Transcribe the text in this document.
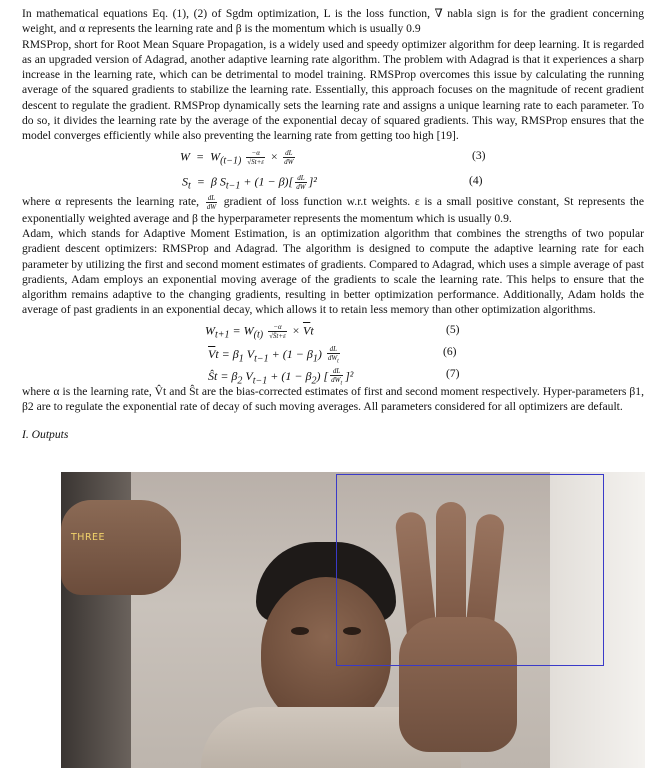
In mathematical equations Eq. (1), (2) of Sgdm optimization, L is the loss function, ∇ nabla sign is for the gradient concerning weight, and α represents the learning rate and β is the momentum which is usually 0.9

RMSProp, short for Root Mean Square Propagation, is a widely used and speedy optimizer algorithm for deep learning. It is regarded as an upgraded version of Adagrad, another adaptive learning rate algorithm. The problem with Adagrad is that it experiences a sharp increase in the learning rate, which can be detrimental to model training. RMSProp overcomes this issue by calculating the running average of the squared gradients to stabilize the learning rate. Essentially, this approach focuses on the magnitude of recent gradient descent to regulate the gradient. RMSProp dynamically sets the learning rate and assigns a unique learning rate to each parameter. To do so, it divides the learning rate by the average of the exponential decay of squared gradients. This way, RMSProp ensures that the model converges efficiently while also preventing the learning rate from getting too high [19].

$W = W_{(t-1)} \frac{-\alpha}{√St+\varepsilon} \times \frac{dL}{dW}$	(3)
$S_t = \beta$ $S_{t-1} + (1 - \beta)[ \frac{dL}{dW} ]^2$	(4)

where α represents the learning rate, $\frac{dL}{dW}$ gradient of loss function w.r.t weights. ε is a small positive constant, St represents the exponentially weighted average and β the hyperparameter represents the momentum which is usually 0.9.

Adam, which stands for Adaptive Moment Estimation, is an optimization algorithm that combines the strengths of two popular gradient descent optimizers: RMSProp and Adagrad. The algorithm is designed to compute the adaptive learning rate for each parameter by utilizing the first and second moment estimates of gradients. Compared to Adagrad, which uses a simple average of past gradients, Adam employs an exponential moving average of the gradients to scale the learning rate. This helps to ensure that the algorithm remains adaptive to the changing gradients, resulting in better optimization performance. Additionally, Adam holds the average of past gradients in an exponential decay, which allows it to retain less memory than other optimization algorithms.

$W_{t+1} = W_{(t)} \frac{-\alpha}{√Ŝt+\varepsilon} \times \overline{V}t$	(5)
$\overline{V}t = \beta_1$ $V_{t-1} + (1 - \beta_1) \frac{dL}{dW_t}$	(6)
Ŝt = $\beta_2$ $V_{t-1} + (1 - \beta_2)$ [ $\frac{dL}{dW_t} ]^2$	(7)

where α is the learning rate, V̂t and Ŝt are the bias-corrected estimates of first and second moment respectively. Hyper-parameters β1, β2 are to regulate the exponential rate of decay of such moving averages. All parameters considered for all optimizers are default.

I. Outputs
THREE
